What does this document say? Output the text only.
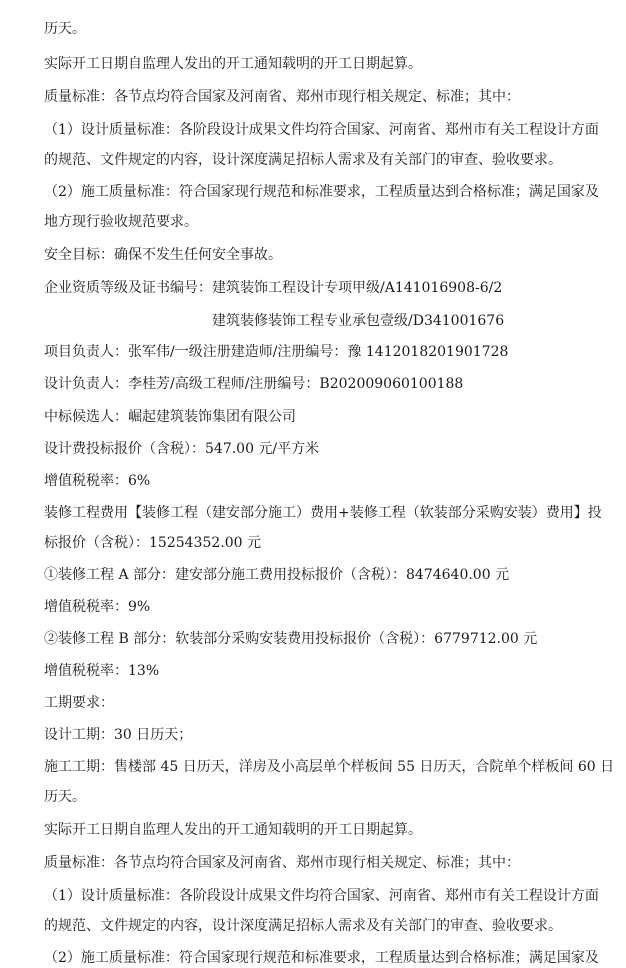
历天。
实际开工日期自监理人发出的开工通知载明的开工日期起算。
质量标准：各节点均符合国家及河南省、郑州市现行相关规定、标准；其中：
（1）设计质量标准：各阶段设计成果文件均符合国家、河南省、郑州市有关工程设计方面
的规范、文件规定的内容，设计深度满足招标人需求及有关部门的审查、验收要求。
（2）施工质量标准：符合国家现行规范和标准要求，工程质量达到合格标准；满足国家及
地方现行验收规范要求。
安全目标：确保不发生任何安全事故。
企业资质等级及证书编号：建筑装饰工程设计专项甲级/A141016908-6/2
建筑装修装饰工程专业承包壹级/D341001676
项目负责人：张军伟/一级注册建造师/注册编号：豫 1412018201901728
设计负责人：李桂芳/高级工程师/注册编号：B202009060100188
中标候选人：崛起建筑装饰集团有限公司
设计费投标报价（含税）：547.00 元/平方米
增值税税率：6%
装修工程费用【装修工程（建安部分施工）费用+装修工程（软装部分采购安装）费用】投
标报价（含税）：15254352.00 元
①装修工程 A 部分：建安部分施工费用投标报价（含税）：8474640.00 元
增值税税率：9%
②装修工程 B 部分：软装部分采购安装费用投标报价（含税）：6779712.00 元
增值税税率：13%
工期要求：
设计工期：30 日历天；
施工工期：售楼部 45 日历天，洋房及小高层单个样板间 55 日历天，合院单个样板间 60 日
历天。
实际开工日期自监理人发出的开工通知载明的开工日期起算。
质量标准：各节点均符合国家及河南省、郑州市现行相关规定、标准；其中：
（1）设计质量标准：各阶段设计成果文件均符合国家、河南省、郑州市有关工程设计方面
的规范、文件规定的内容，设计深度满足招标人需求及有关部门的审查、验收要求。
（2）施工质量标准：符合国家现行规范和标准要求，工程质量达到合格标准；满足国家及
